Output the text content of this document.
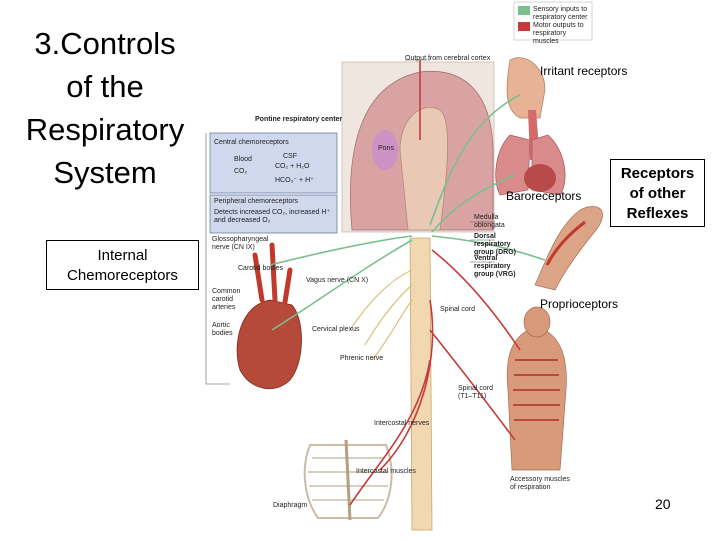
3.Controls
of the
Respiratory
System
Sensory inputs to respiratory center
Motor outputs to respiratory muscles
Output from cerebral cortex
Pontine respiratory center
Pons
Central chemoreceptors
Blood
CO₂
CSF
CO₂ + H₂O
HCO₃⁻ + H⁺
Peripheral chemoreceptors
Detects increased CO₂, increased H⁺ and decreased O₂	Medulla oblongata
Dorsal respiratory group (DRG)
Ventral respiratory group (VRG)
Glossopharyngeal nerve (CN IX)
Carotid bodies
Vagus nerve (CN X)
Common carotid arteries
Aortic bodies
Cervical plexus
Spinal cord
Phrenic nerve
Spinal cord (T1–T11)
Intercostal nerves
Intercostal muscles
Accessory muscles of respiration
Diaphragm
Irritant receptors
Baroreceptors
Proprioceptors
Internal
Chemoreceptors
Receptors
of other
Reflexes
20
